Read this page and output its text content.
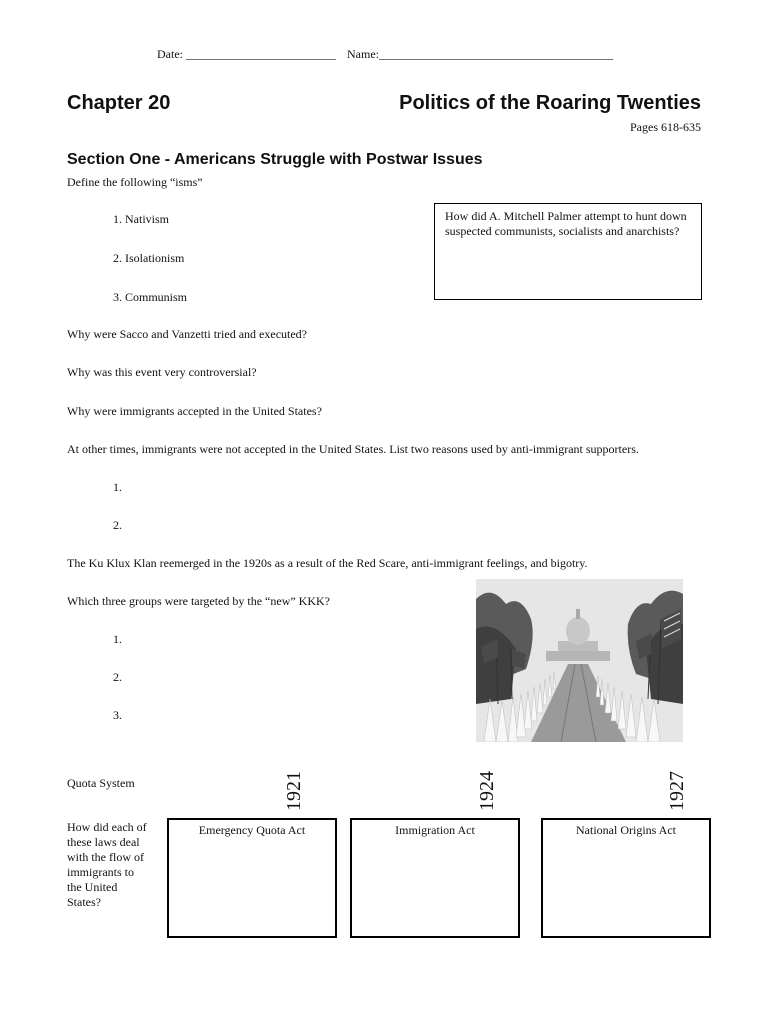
Date: _________________________ Name:_______________________________________
Chapter 20	Politics of the Roaring Twenties
Pages 618-635
Section One - Americans Struggle with Postwar Issues
Define the following “isms”
1. Nativism
2. Isolationism
3. Communism
How did A. Mitchell Palmer attempt to hunt down suspected communists, socialists and anarchists?
Why were Sacco and Vanzetti tried and executed?
Why was this event very controversial?
Why were immigrants accepted in the United States?
At other times, immigrants were not accepted in the United States. List two reasons used by anti-immigrant supporters.
1.
2.
The Ku Klux Klan reemerged in the 1920s as a result of the Red Scare, anti-immigrant feelings, and bigotry.
Which three groups were targeted by the “new” KKK?
1.
2.
3.
Quota System	1921	1924	1927
How did each of these laws deal with the flow of immigrants to the United States?
Emergency Quota Act	Immigration Act	National Origins Act
